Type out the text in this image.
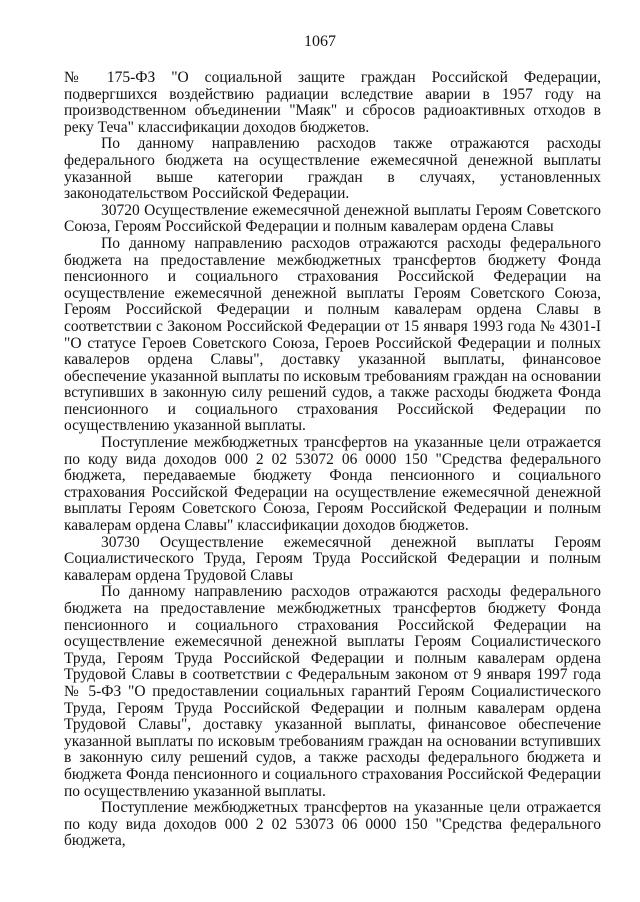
1067

№ 175-ФЗ "О социальной защите граждан Российской Федерации, подвергшихся воздействию радиации вследствие аварии в 1957 году на производственном объединении "Маяк" и сбросов радиоактивных отходов в реку Теча" классификации доходов бюджетов.

По данному направлению расходов также отражаются расходы федерального бюджета на осуществление ежемесячной денежной выплаты указанной выше категории граждан в случаях, установленных законодательством Российской Федерации.

30720 Осуществление ежемесячной денежной выплаты Героям Советского Союза, Героям Российской Федерации и полным кавалерам ордена Славы

По данному направлению расходов отражаются расходы федерального бюджета на предоставление межбюджетных трансфертов бюджету Фонда пенсионного и социального страхования Российской Федерации на осуществление ежемесячной денежной выплаты Героям Советского Союза, Героям Российской Федерации и полным кавалерам ордена Славы в соответствии с Законом Российской Федерации от 15 января 1993 года № 4301-I "О статусе Героев Советского Союза, Героев Российской Федерации и полных кавалеров ордена Славы", доставку указанной выплаты, финансовое обеспечение указанной выплаты по исковым требованиям граждан на основании вступивших в законную силу решений судов, а также расходы бюджета Фонда пенсионного и социального страхования Российской Федерации по осуществлению указанной выплаты.

Поступление межбюджетных трансфертов на указанные цели отражается по коду вида доходов 000 2 02 53072 06 0000 150 "Средства федерального бюджета, передаваемые бюджету Фонда пенсионного и социального страхования Российской Федерации на осуществление ежемесячной денежной выплаты Героям Советского Союза, Героям Российской Федерации и полным кавалерам ордена Славы" классификации доходов бюджетов.

30730 Осуществление ежемесячной денежной выплаты Героям Социалистического Труда, Героям Труда Российской Федерации и полным кавалерам ордена Трудовой Славы

По данному направлению расходов отражаются расходы федерального бюджета на предоставление межбюджетных трансфертов бюджету Фонда пенсионного и социального страхования Российской Федерации на осуществление ежемесячной денежной выплаты Героям Социалистического Труда, Героям Труда Российской Федерации и полным кавалерам ордена Трудовой Славы в соответствии с Федеральным законом от 9 января 1997 года № 5-ФЗ "О предоставлении социальных гарантий Героям Социалистического Труда, Героям Труда Российской Федерации и полным кавалерам ордена Трудовой Славы", доставку указанной выплаты, финансовое обеспечение указанной выплаты по исковым требованиям граждан на основании вступивших в законную силу решений судов, а также расходы федерального бюджета и бюджета Фонда пенсионного и социального страхования Российской Федерации по осуществлению указанной выплаты.

Поступление межбюджетных трансфертов на указанные цели отражается по коду вида доходов 000 2 02 53073 06 0000 150 "Средства федерального бюджета,
